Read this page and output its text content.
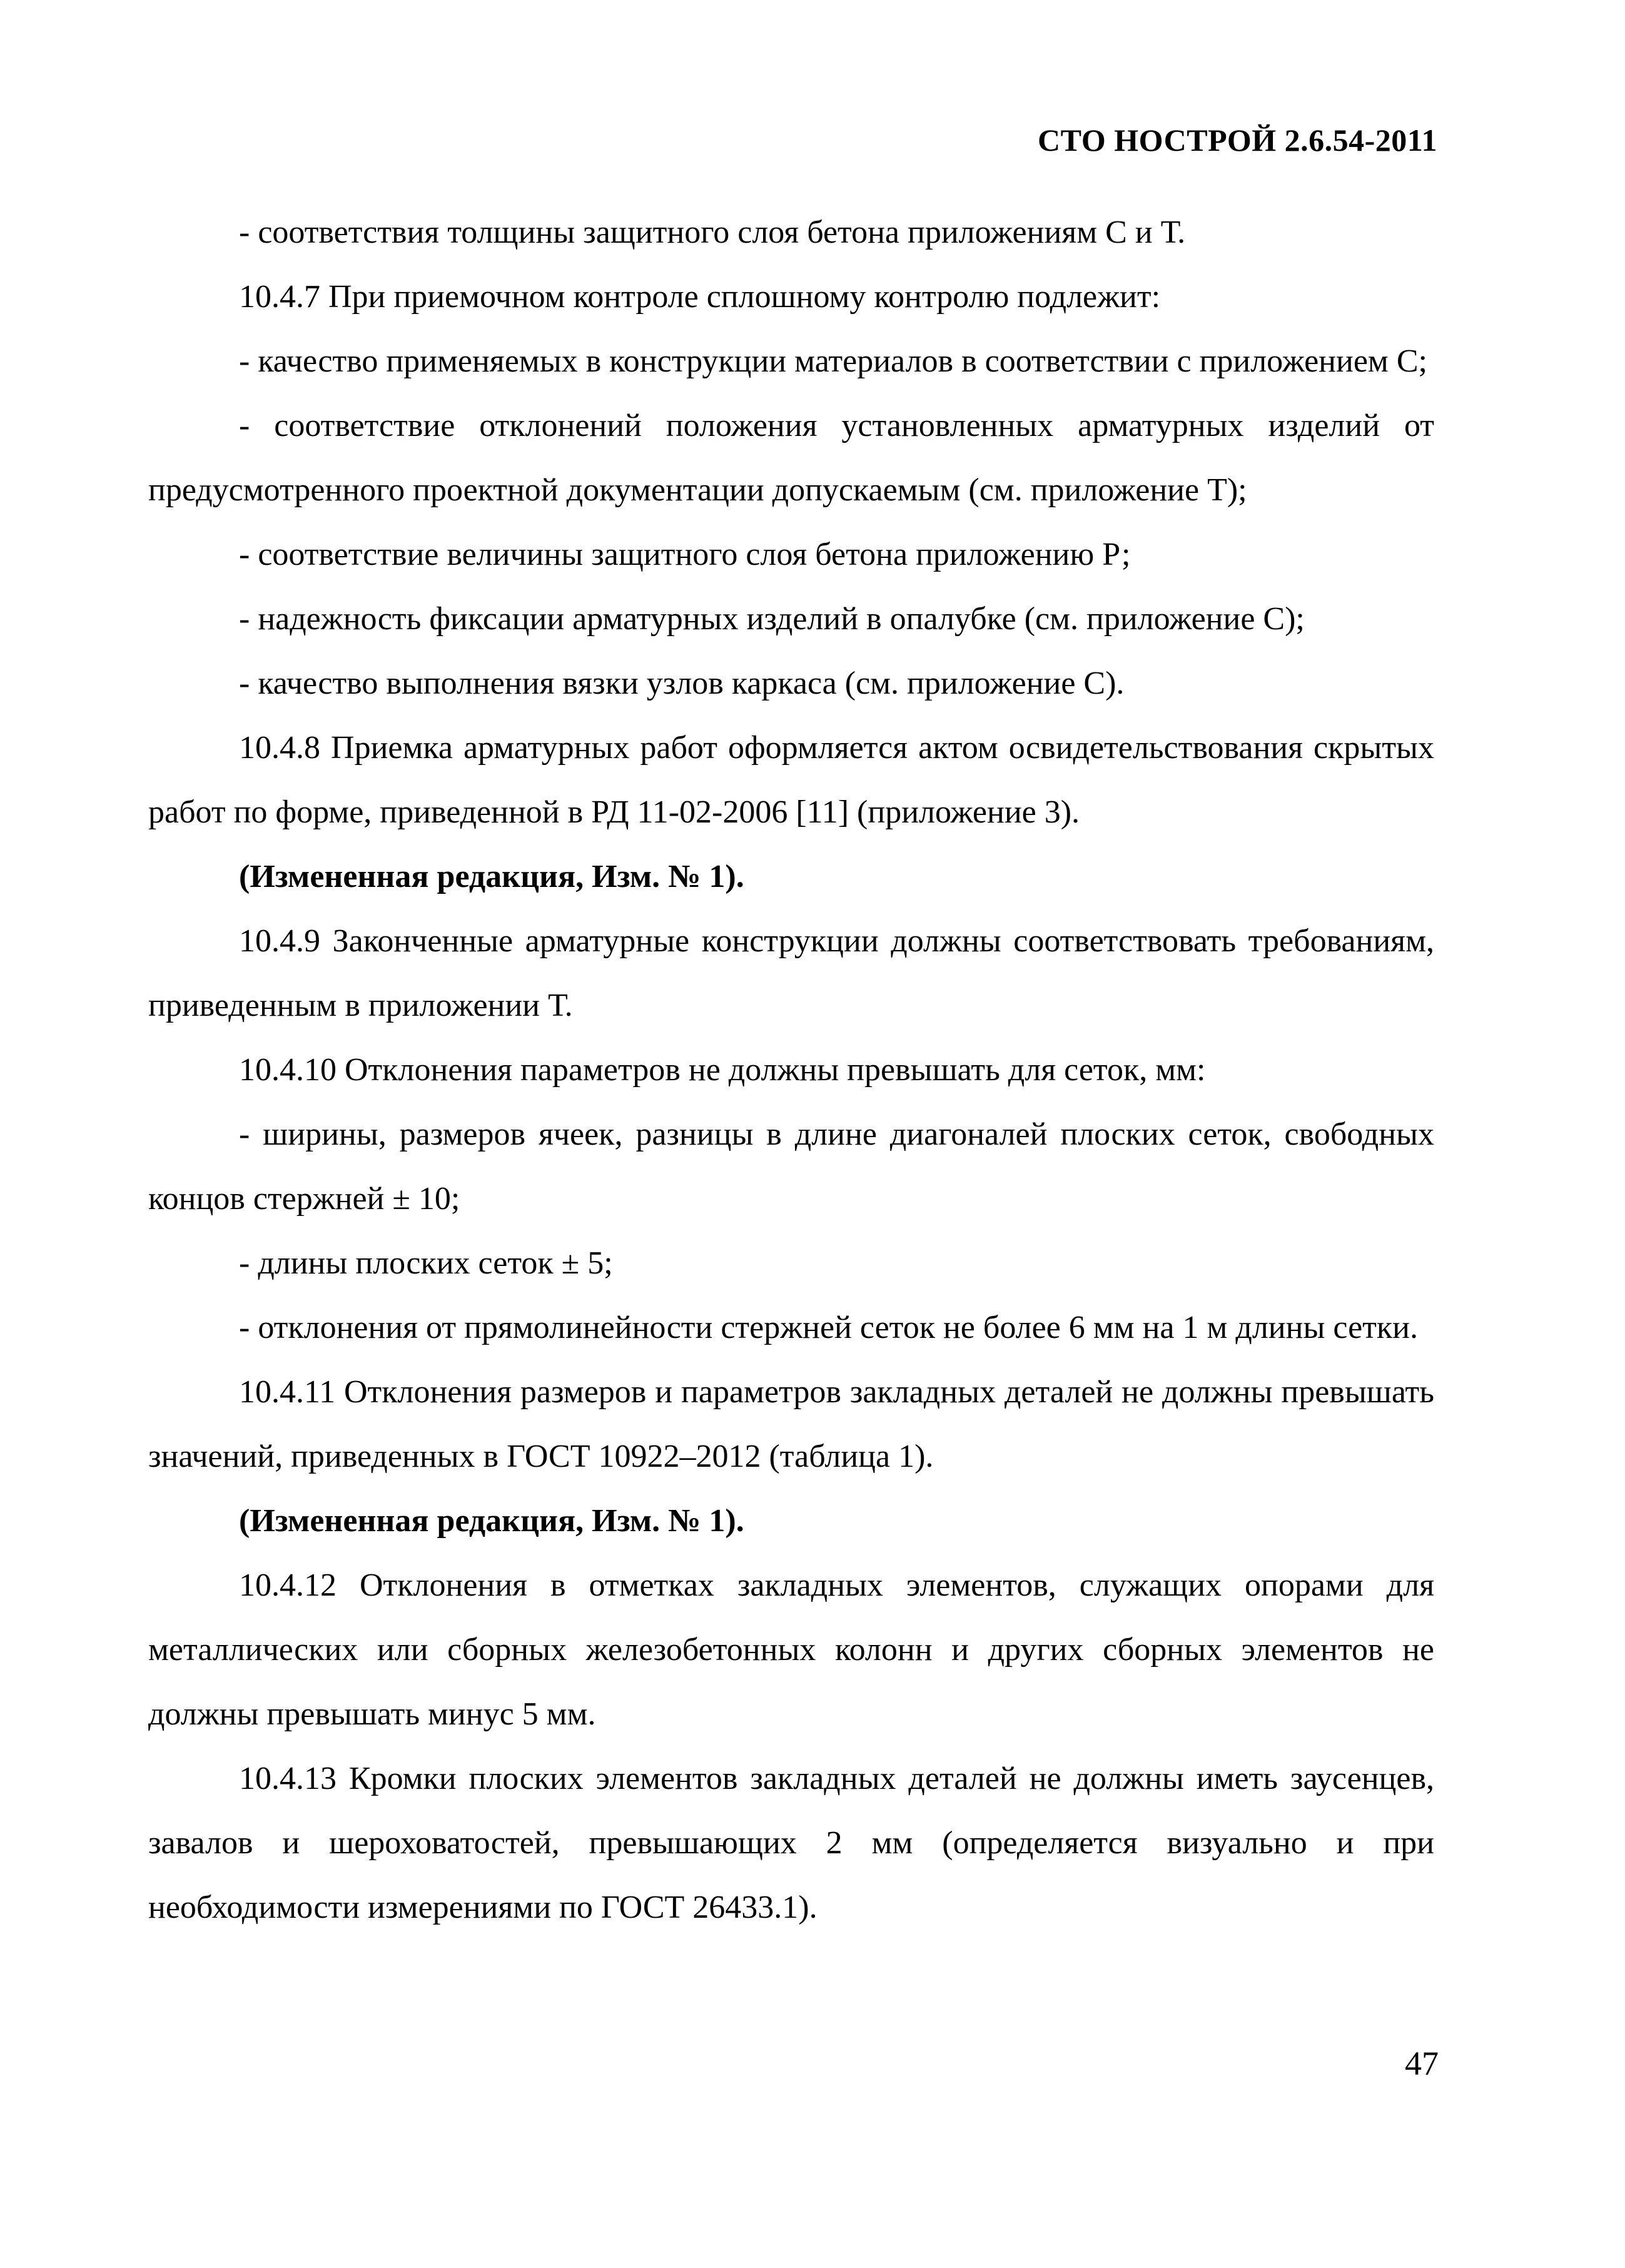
СТО НОСТРОЙ 2.6.54-2011

- соответствия толщины защитного слоя бетона приложениям С и Т.

10.4.7 При приемочном контроле сплошному контролю подлежит:

- качество применяемых в конструкции материалов в соответствии с приложением С;

- соответствие отклонений положения установленных арматурных изделий от предусмотренного проектной документации допускаемым (см. приложение Т);

- соответствие величины защитного слоя бетона приложению Р;

- надежность фиксации арматурных изделий в опалубке (см. приложение С);

- качество выполнения вязки узлов каркаса (см. приложение С).

10.4.8 Приемка арматурных работ оформляется актом освидетельствования скрытых работ по форме, приведенной в РД 11-02-2006 [11] (приложение 3).

(Измененная редакция, Изм. № 1).

10.4.9 Законченные арматурные конструкции должны соответствовать требованиям, приведенным в приложении Т.

10.4.10 Отклонения параметров не должны превышать для сеток, мм:

- ширины, размеров ячеек, разницы в длине диагоналей плоских сеток, свободных концов стержней ± 10;

- длины плоских сеток ± 5;

- отклонения от прямолинейности стержней сеток не более 6 мм на 1 м длины сетки.

10.4.11 Отклонения размеров и параметров закладных деталей не должны превышать значений, приведенных в ГОСТ 10922–2012 (таблица 1).

(Измененная редакция, Изм. № 1).

10.4.12 Отклонения в отметках закладных элементов, служащих опорами для металлических или сборных железобетонных колонн и других сборных элементов не должны превышать минус 5 мм.

10.4.13 Кромки плоских элементов закладных деталей не должны иметь заусенцев, завалов и шероховатостей, превышающих 2 мм (определяется визуально и при необходимости измерениями по ГОСТ 26433.1).

47
